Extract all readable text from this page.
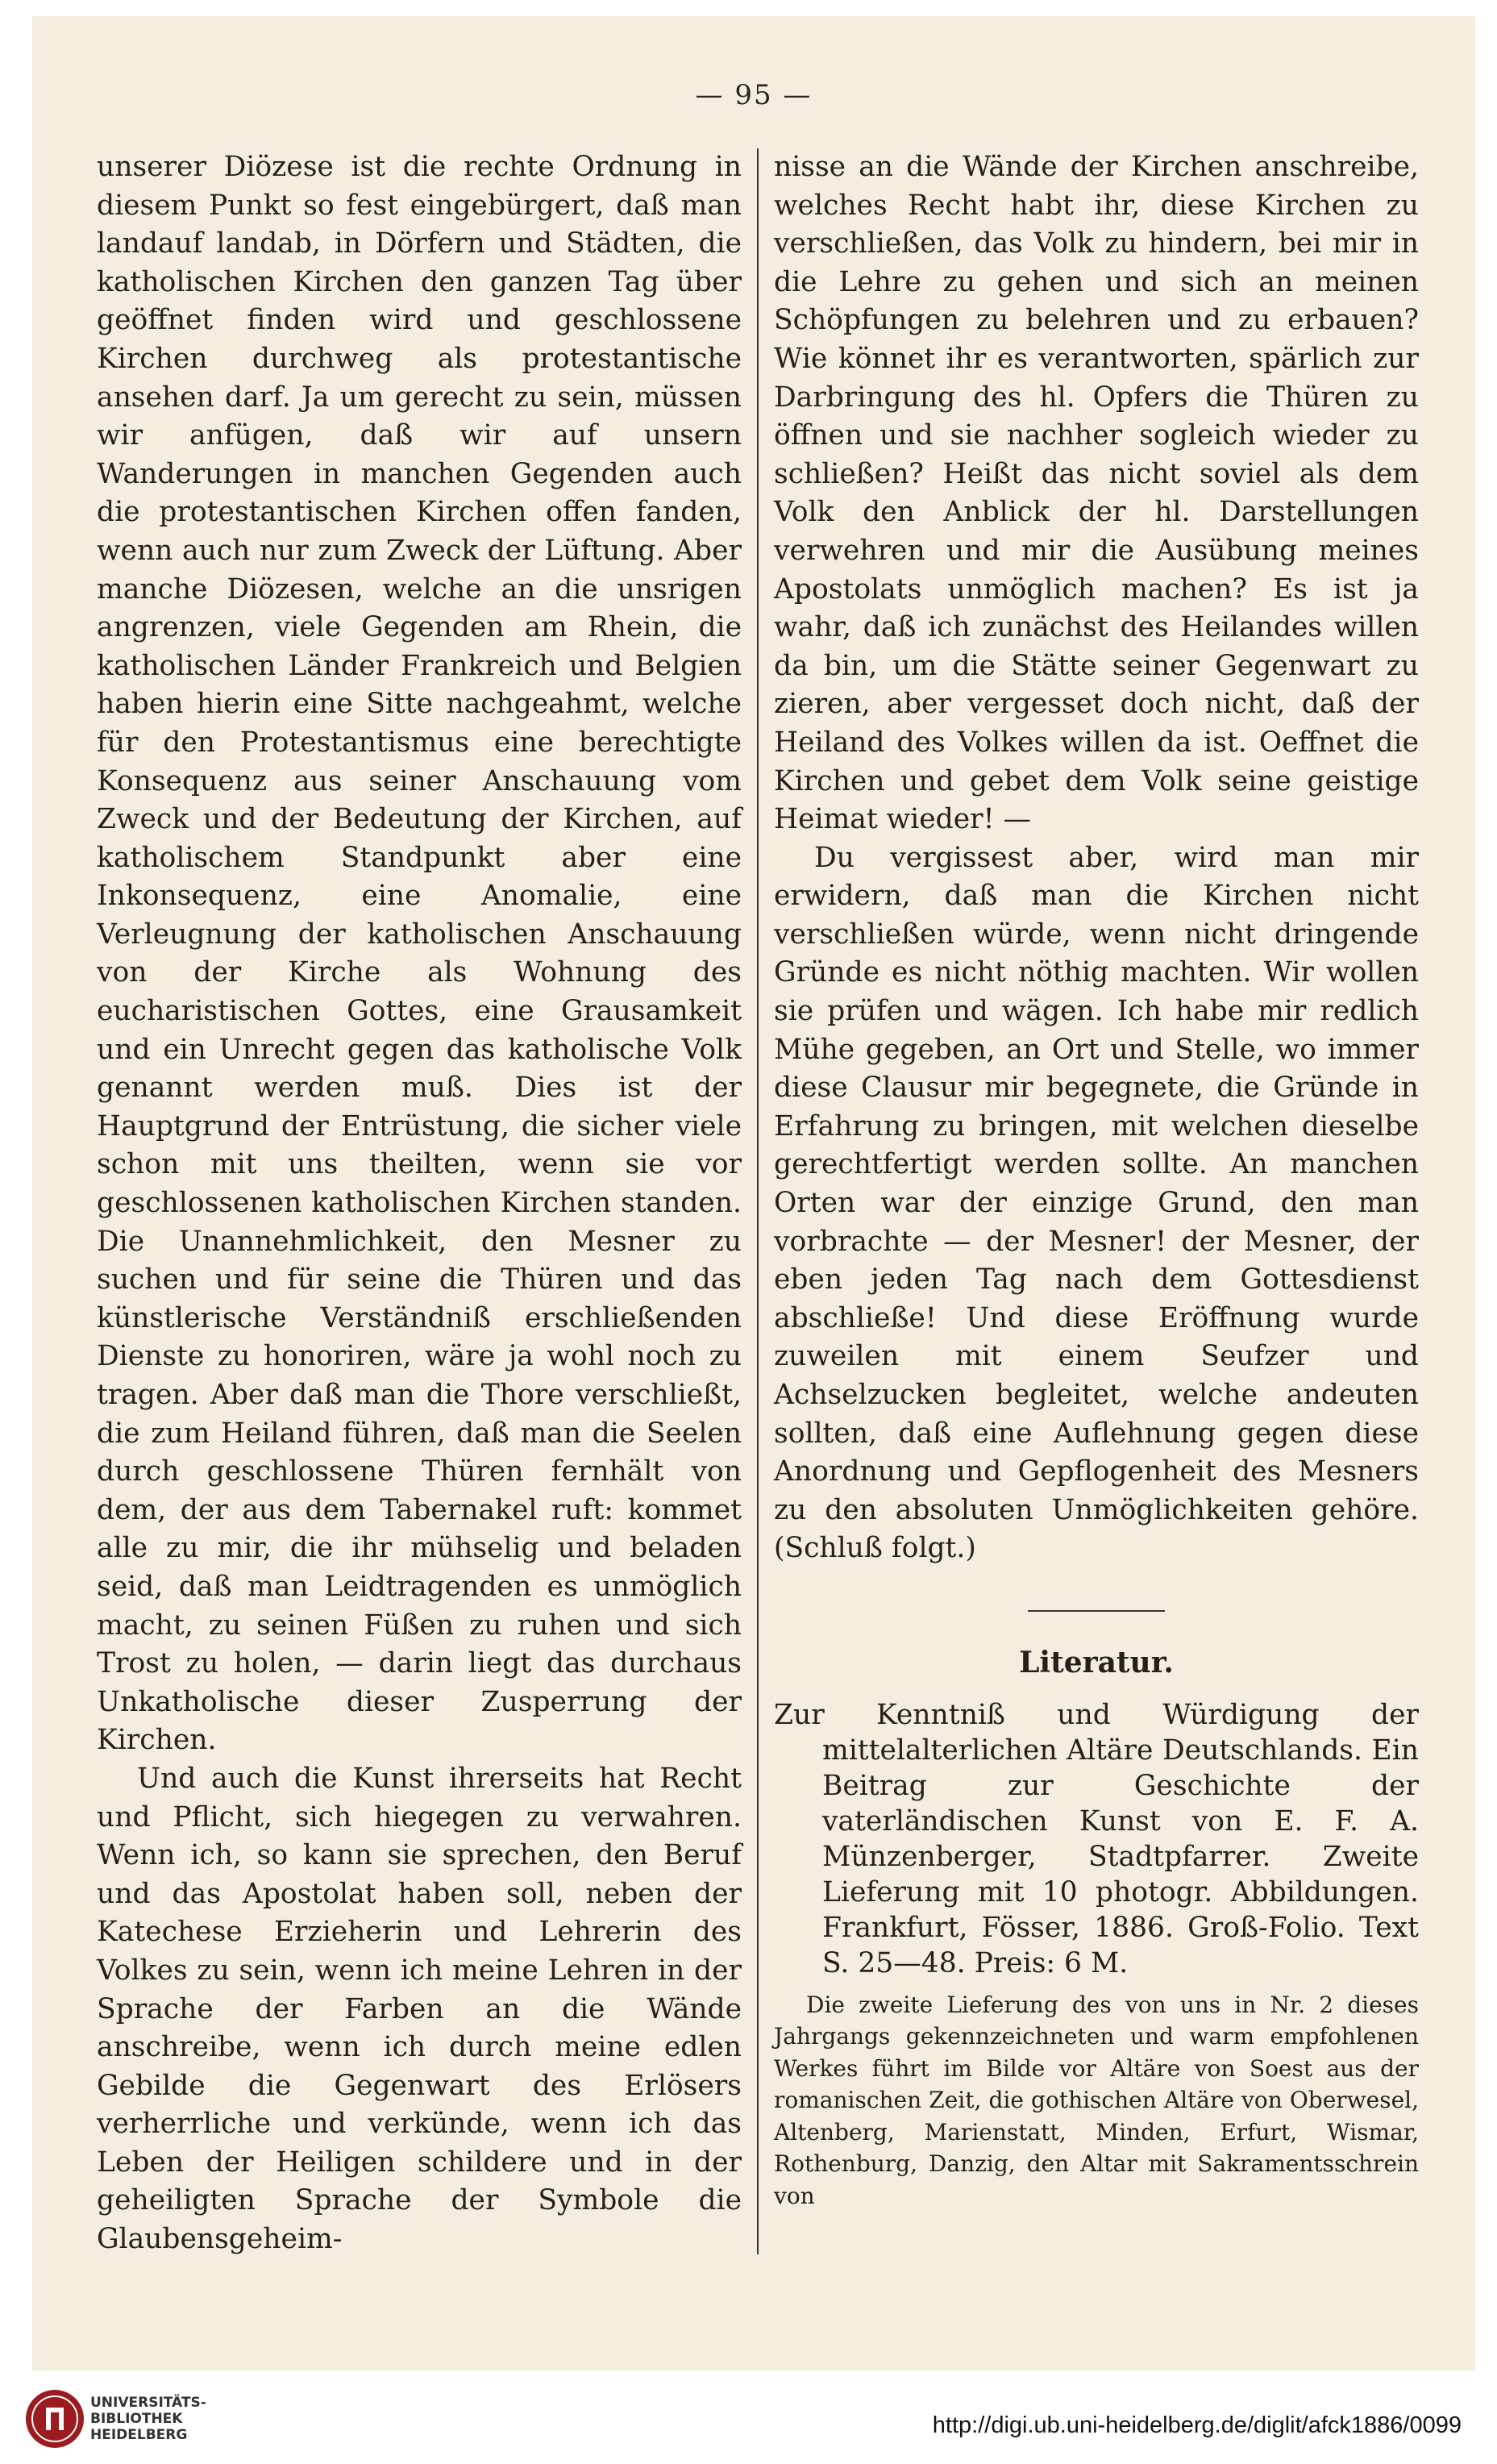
— 95 —

unserer Diözese ist die rechte Ordnung in diesem Punkt so fest eingebürgert, daß man landauf landab, in Dörfern und Städten, die katholischen Kirchen den ganzen Tag über geöffnet finden wird und geschlossene Kirchen durchweg als protestantische ansehen darf. Ja um gerecht zu sein, müssen wir anfügen, daß wir auf unsern Wanderungen in manchen Gegenden auch die protestantischen Kirchen offen fanden, wenn auch nur zum Zweck der Lüftung. Aber manche Diözesen, welche an die unsrigen angrenzen, viele Gegenden am Rhein, die katholischen Länder Frankreich und Belgien haben hierin eine Sitte nachgeahmt, welche für den Protestantismus eine berechtigte Konsequenz aus seiner Anschauung vom Zweck und der Bedeutung der Kirchen, auf katholischem Standpunkt aber eine Inkonsequenz, eine Anomalie, eine Verleugnung der katholischen Anschauung von der Kirche als Wohnung des eucharistischen Gottes, eine Grausamkeit und ein Unrecht gegen das katholische Volk genannt werden muß. Dies ist der Hauptgrund der Entrüstung, die sicher viele schon mit uns theilten, wenn sie vor geschlossenen katholischen Kirchen standen. Die Unannehmlichkeit, den Mesner zu suchen und für seine die Thüren und das künstlerische Verständniß erschließenden Dienste zu honoriren, wäre ja wohl noch zu tragen. Aber daß man die Thore verschließt, die zum Heiland führen, daß man die Seelen durch geschlossene Thüren fernhält von dem, der aus dem Tabernakel ruft: kommet alle zu mir, die ihr mühselig und beladen seid, daß man Leidtragenden es unmöglich macht, zu seinen Füßen zu ruhen und sich Trost zu holen, — darin liegt das durchaus Unkatholische dieser Zusperrung der Kirchen.

Und auch die Kunst ihrerseits hat Recht und Pflicht, sich hiegegen zu verwahren. Wenn ich, so kann sie sprechen, den Beruf und das Apostolat haben soll, neben der Katechese Erzieherin und Lehrerin des Volkes zu sein, wenn ich meine Lehren in der Sprache der Farben an die Wände anschreibe, wenn ich durch meine edlen Gebilde die Gegenwart des Erlösers verherrliche und verkünde, wenn ich das Leben der Heiligen schildere und in der geheiligten Sprache der Symbole die Glaubensgeheim-

nisse an die Wände der Kirchen anschreibe, welches Recht habt ihr, diese Kirchen zu verschließen, das Volk zu hindern, bei mir in die Lehre zu gehen und sich an meinen Schöpfungen zu belehren und zu erbauen? Wie könnet ihr es verantworten, spärlich zur Darbringung des hl. Opfers die Thüren zu öffnen und sie nachher sogleich wieder zu schließen? Heißt das nicht soviel als dem Volk den Anblick der hl. Darstellungen verwehren und mir die Ausübung meines Apostolats unmöglich machen? Es ist ja wahr, daß ich zunächst des Heilandes willen da bin, um die Stätte seiner Gegenwart zu zieren, aber vergesset doch nicht, daß der Heiland des Volkes willen da ist. Oeffnet die Kirchen und gebet dem Volk seine geistige Heimat wieder! —

Du vergissest aber, wird man mir erwidern, daß man die Kirchen nicht verschließen würde, wenn nicht dringende Gründe es nicht nöthig machten. Wir wollen sie prüfen und wägen. Ich habe mir redlich Mühe gegeben, an Ort und Stelle, wo immer diese Clausur mir begegnete, die Gründe in Erfahrung zu bringen, mit welchen dieselbe gerechtfertigt werden sollte. An manchen Orten war der einzige Grund, den man vorbrachte — der Mesner! der Mesner, der eben jeden Tag nach dem Gottesdienst abschließe! Und diese Eröffnung wurde zuweilen mit einem Seufzer und Achselzucken begleitet, welche andeuten sollten, daß eine Auflehnung gegen diese Anordnung und Gepflogenheit des Mesners zu den absoluten Unmöglichkeiten gehöre. (Schluß folgt.)

Literatur.

Zur Kenntniß und Würdigung der mittelalterlichen Altäre Deutschlands. Ein Beitrag zur Geschichte der vaterländischen Kunst von E. F. A. Münzenberger, Stadtpfarrer. Zweite Lieferung mit 10 photogr. Abbildungen. Frankfurt, Fösser, 1886. Groß-Folio. Text S. 25—48. Preis: 6 M.

Die zweite Lieferung des von uns in Nr. 2 dieses Jahrgangs gekennzeichneten und warm empfohlenen Werkes führt im Bilde vor Altäre von Soest aus der romanischen Zeit, die gothischen Altäre von Oberwesel, Altenberg, Marienstatt, Minden, Erfurt, Wismar, Rothenburg, Danzig, den Altar mit Sakramentsschrein von

UNIVERSITÄTS-
BIBLIOTHEK
HEIDELBERG	http://digi.ub.uni-heidelberg.de/diglit/afck1886/0099
